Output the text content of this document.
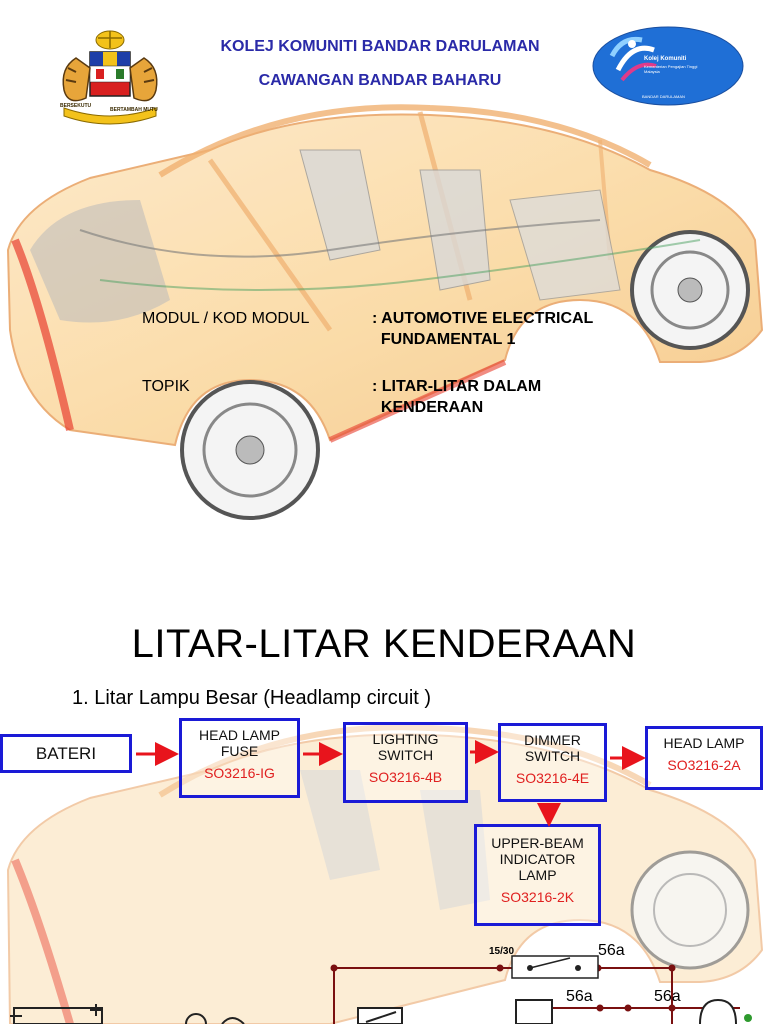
BERSEKUTU
BERTAMBAH MUTU
KOLEJ KOMUNITI BANDAR DARULAMAN
CAWANGAN BANDAR BAHARU
Kolej Komuniti
Kementerian Pengajian Tinggi Malaysia
BANDAR DARULAMAN
MODUL / KOD MODUL	: AUTOMOTIVE ELECTRICAL
FUNDAMENTAL 1
TOPIK	: LITAR-LITAR DALAM
KENDERAAN
LITAR-LITAR KENDERAAN
1. Litar Lampu Besar (Headlamp circuit )
BATERI
HEAD LAMP FUSE
SO3216-IG
LIGHTING SWITCH
SO3216-4B
DIMMER SWITCH
SO3216-4E
HEAD LAMP
SO3216-2A
UPPER-BEAM INDICATOR LAMP
SO3216-2K
15/30	56a
56a	56a
